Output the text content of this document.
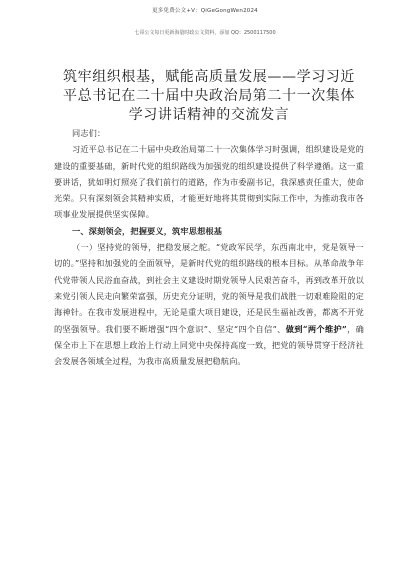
更多免费公文+V：QiGeGongWen2024
七哥公文每日更新海量时政公文资料，添加 QQ：2500117500
筑牢组织根基，赋能高质量发展——学习习近
平总书记在二十届中央政治局第二十一次集体
学习讲话精神的交流发言

同志们：

习近平总书记在二十届中央政治局第二十一次集体学习时强调，组织建设是党的建设的重要基础，新时代党的组织路线为加强党的组织建设提供了科学遵循。这一重要讲话，犹如明灯照亮了我们前行的道路，作为市委副书记，我深感责任重大，使命光荣。只有深刻领会其精神实质，才能更好地将其贯彻到实际工作中，为推动我市各项事业发展提供坚实保障。

一、深刻领会，把握要义，筑牢思想根基

（一）坚持党的领导，把稳发展之舵。“党政军民学，东西南北中，党是领导一切的。”坚持和加强党的全面领导，是新时代党的组织路线的根本目标。从革命战争年代党带领人民浴血奋战，到社会主义建设时期党领导人民艰苦奋斗，再到改革开放以来党引领人民走向繁荣富强，历史充分证明，党的领导是我们战胜一切艰难险阻的定海神针。在我市发展进程中，无论是重大项目建设，还是民生福祉改善，都离不开党的坚强领导。我们要不断增强“四个意识”、坚定“四个自信”、做到“两个维护”，确保全市上下在思想上政治上行动上同党中央保持高度一致，把党的领导贯穿于经济社会发展各领域全过程，为我市高质量发展把稳航向。
